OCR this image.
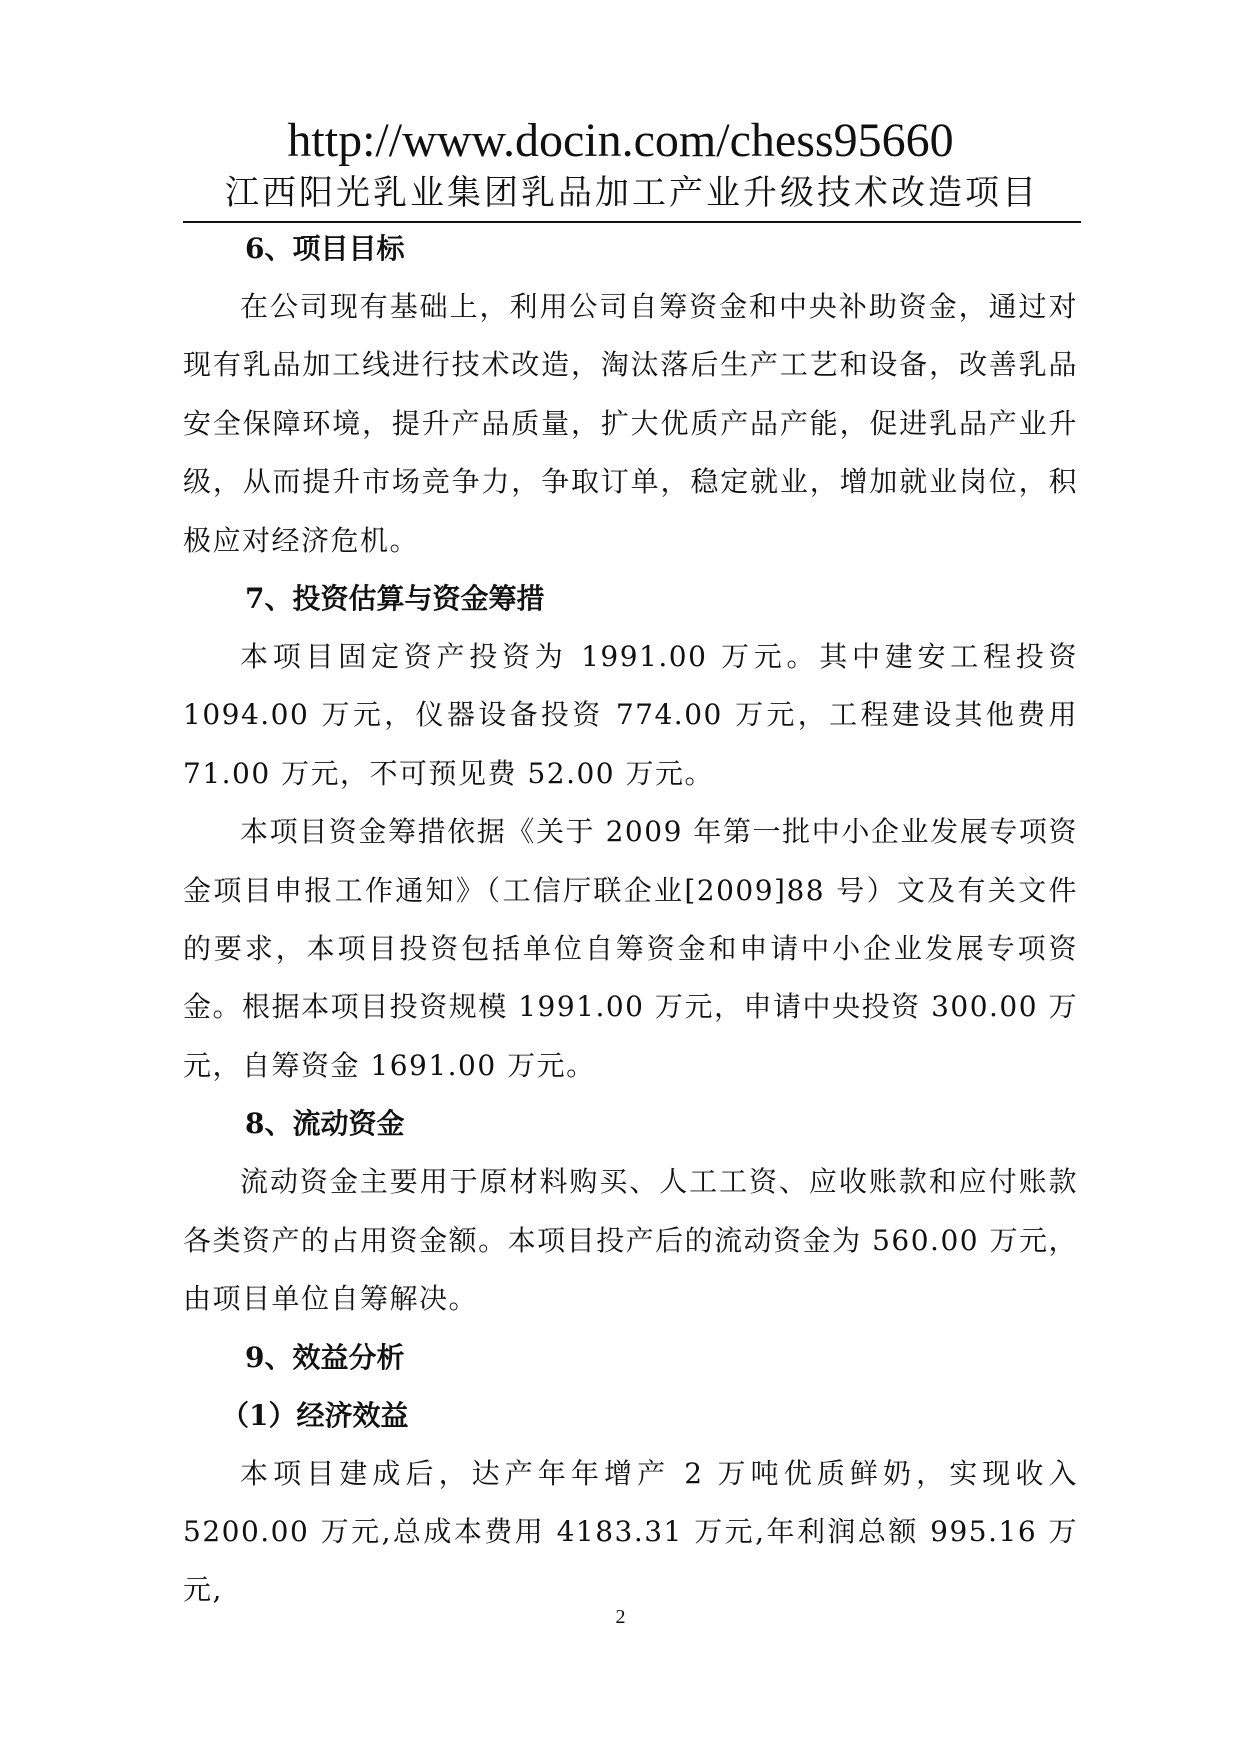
http://www.docin.com/chess95660
江西阳光乳业集团乳品加工产业升级技术改造项目
6、项目目标

在公司现有基础上，利用公司自筹资金和中央补助资金，通过对现有乳品加工线进行技术改造，淘汰落后生产工艺和设备，改善乳品安全保障环境，提升产品质量，扩大优质产品产能，促进乳品产业升级，从而提升市场竞争力，争取订单，稳定就业，增加就业岗位，积极应对经济危机。

7、投资估算与资金筹措

本项目固定资产投资为 1991.00 万元。其中建安工程投资 1094.00 万元，仪器设备投资 774.00 万元，工程建设其他费用 71.00 万元，不可预见费 52.00 万元。

本项目资金筹措依据《关于 2009 年第一批中小企业发展专项资金项目申报工作通知》（工信厅联企业[2009]88 号）文及有关文件的要求，本项目投资包括单位自筹资金和申请中小企业发展专项资金。根据本项目投资规模 1991.00 万元，申请中央投资 300.00 万元，自筹资金 1691.00 万元。

8、流动资金

流动资金主要用于原材料购买、人工工资、应收账款和应付账款各类资产的占用资金额。本项目投产后的流动资金为 560.00 万元，由项目单位自筹解决。

9、效益分析
（1）经济效益

本项目建成后，达产年年增产 2 万吨优质鲜奶，实现收入 5200.00 万元,总成本费用 4183.31 万元,年利润总额 995.16 万元,

2
